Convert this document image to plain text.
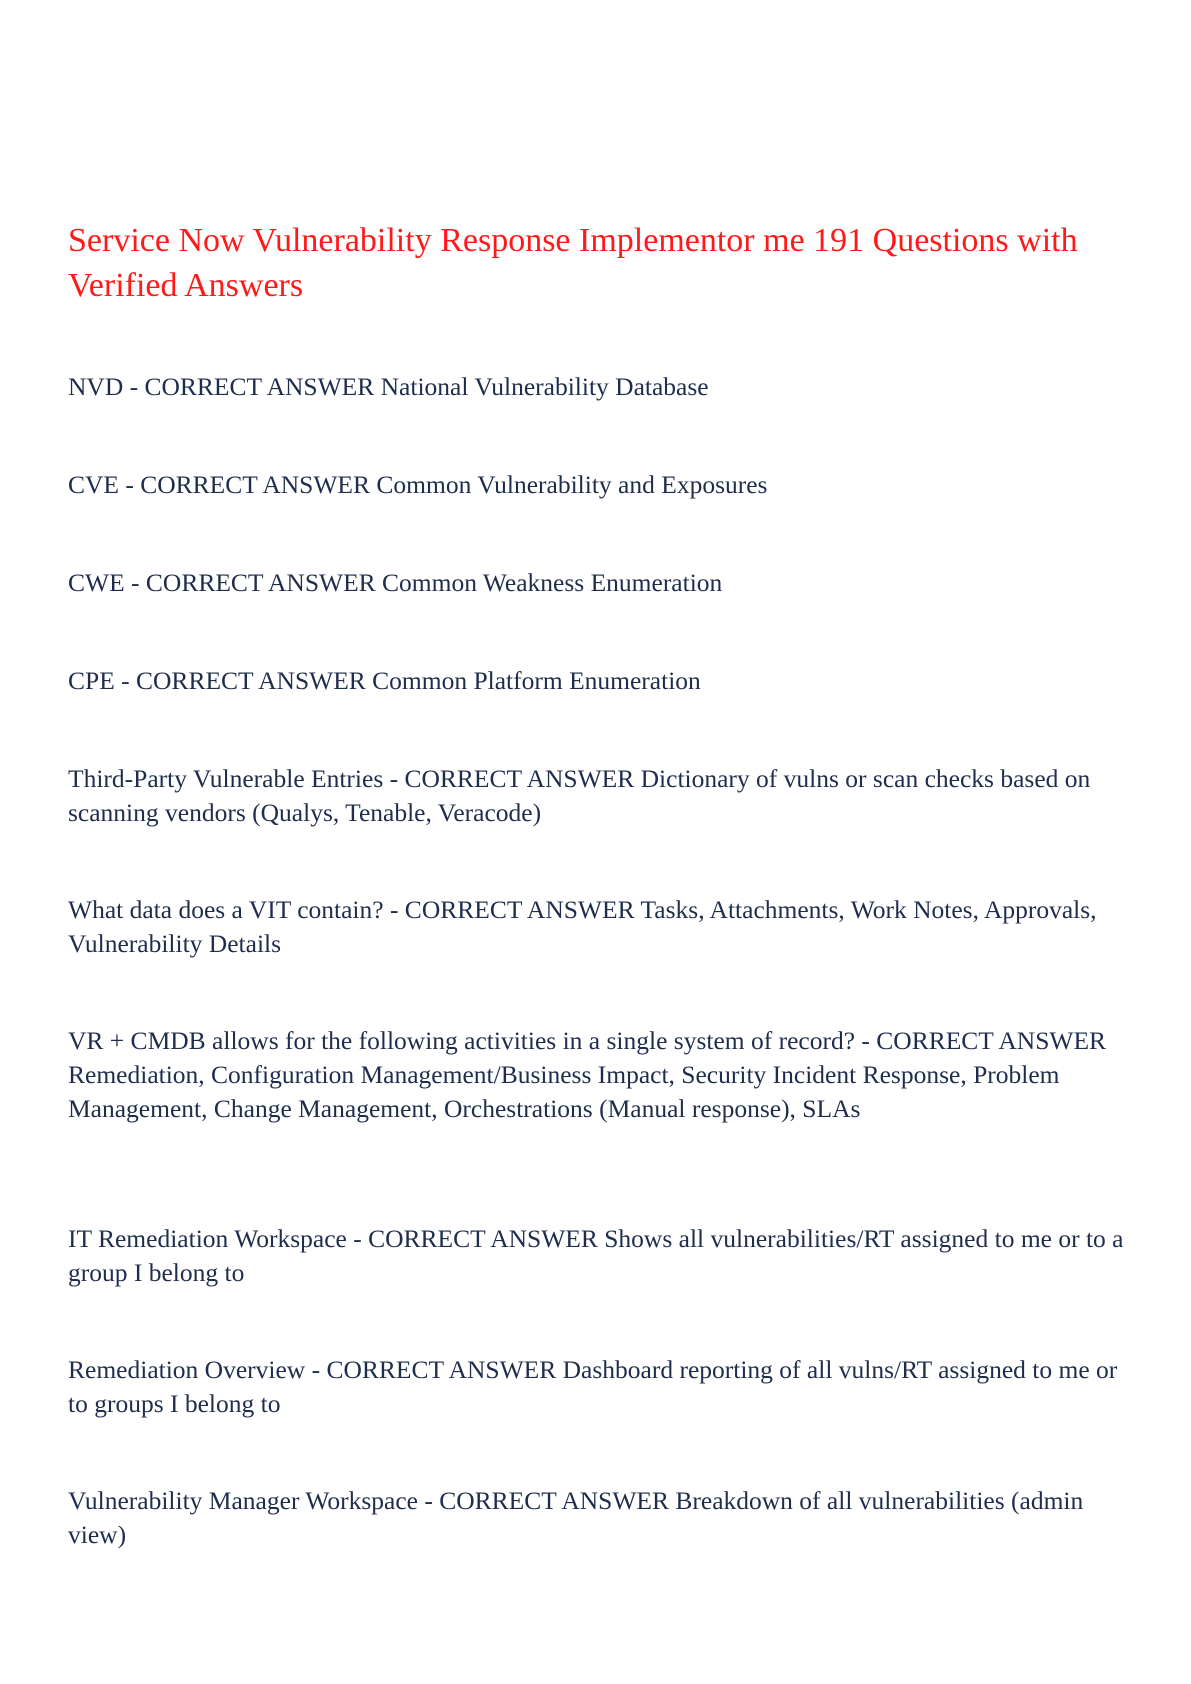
Service Now Vulnerability Response Implementor me 191 Questions with Verified Answers

NVD - CORRECT ANSWER National Vulnerability Database

CVE - CORRECT ANSWER Common Vulnerability and Exposures

CWE - CORRECT ANSWER Common Weakness Enumeration

CPE - CORRECT ANSWER Common Platform Enumeration

Third-Party Vulnerable Entries - CORRECT ANSWER Dictionary of vulns or scan checks based on scanning vendors (Qualys, Tenable, Veracode)

What data does a VIT contain? - CORRECT ANSWER Tasks, Attachments, Work Notes, Approvals, Vulnerability Details

VR + CMDB allows for the following activities in a single system of record? - CORRECT ANSWER Remediation, Configuration Management/Business Impact, Security Incident Response, Problem Management, Change Management, Orchestrations (Manual response), SLAs

IT Remediation Workspace - CORRECT ANSWER Shows all vulnerabilities/RT assigned to me or to a group I belong to

Remediation Overview - CORRECT ANSWER Dashboard reporting of all vulns/RT assigned to me or to groups I belong to

Vulnerability Manager Workspace - CORRECT ANSWER Breakdown of all vulnerabilities (admin view)
